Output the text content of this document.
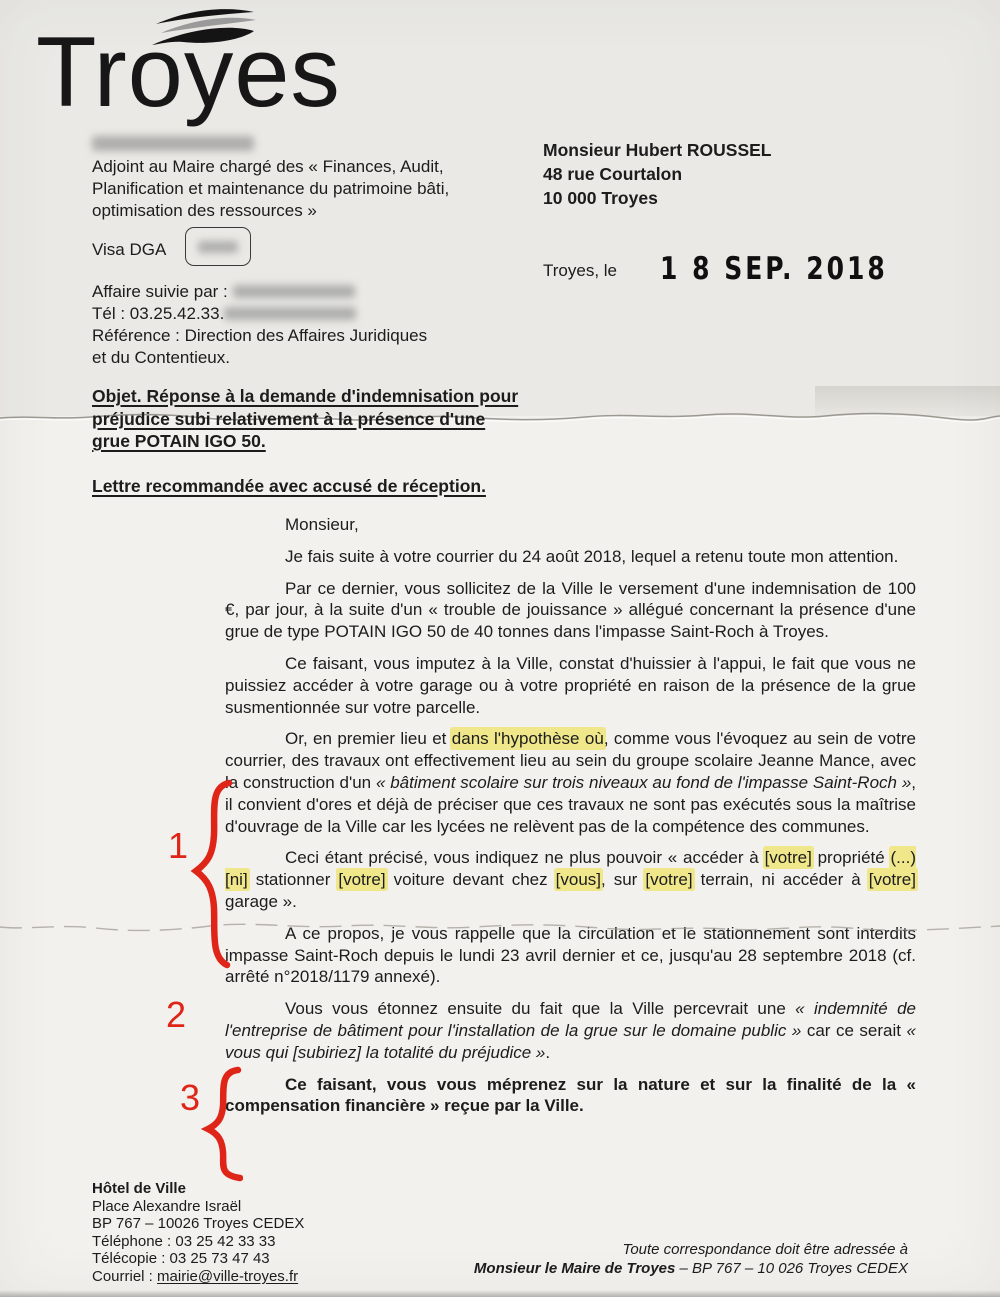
Troyes
Adjoint au Maire chargé des « Finances, Audit,
Planification et maintenance du patrimoine bâti,
optimisation des ressources »
Visa DGA
Monsieur Hubert ROUSSEL
48 rue Courtalon
10 000 Troyes
Troyes, le 1 8 SEP. 2018
Affaire suivie par :
Tél : 03.25.42.33.
Référence : Direction des Affaires Juridiques
et du Contentieux.
Objet. Réponse à la demande d'indemnisation pour
préjudice subi relativement à la présence d'une
grue POTAIN IGO 50.
Lettre recommandée avec accusé de réception.

Monsieur,

Je fais suite à votre courrier du 24 août 2018, lequel a retenu toute mon attention.

Par ce dernier, vous sollicitez de la Ville le versement d'une indemnisation de 100 €, par jour, à la suite d'un « trouble de jouissance » allégué concernant la présence d'une grue de type POTAIN IGO 50 de 40 tonnes dans l'impasse Saint-Roch à Troyes.

Ce faisant, vous imputez à la Ville, constat d'huissier à l'appui, le fait que vous ne puissiez accéder à votre garage ou à votre propriété en raison de la présence de la grue susmentionnée sur votre parcelle.

Or, en premier lieu et dans l'hypothèse où, comme vous l'évoquez au sein de votre courrier, des travaux ont effectivement lieu au sein du groupe scolaire Jeanne Mance, avec la construction d'un « bâtiment scolaire sur trois niveaux au fond de l'impasse Saint-Roch », il convient d'ores et déjà de préciser que ces travaux ne sont pas exécutés sous la maîtrise d'ouvrage de la Ville car les lycées ne relèvent pas de la compétence des communes.

Ceci étant précisé, vous indiquez ne plus pouvoir « accéder à [votre] propriété (...) [ni] stationner [votre] voiture devant chez [vous], sur [votre] terrain, ni accéder à [votre] garage ».

A ce propos, je vous rappelle que la circulation et le stationnement sont interdits impasse Saint-Roch depuis le lundi 23 avril dernier et ce, jusqu'au 28 septembre 2018 (cf. arrêté n°2018/1179 annexé).

Vous vous étonnez ensuite du fait que la Ville percevrait une « indemnité de l'entreprise de bâtiment pour l'installation de la grue sur le domaine public » car ce serait « vous qui [subiriez] la totalité du préjudice ».

Ce faisant, vous vous méprenez sur la nature et sur la finalité de la « compensation financière » reçue par la Ville.

1
2
3
Hôtel de Ville
Place Alexandre Israël
BP 767 – 10026 Troyes CEDEX
Téléphone : 03 25 42 33 33
Télécopie : 03 25 73 47 43
Courriel : mairie@ville-troyes.fr
Toute correspondance doit être adressée à
Monsieur le Maire de Troyes – BP 767 – 10 026 Troyes CEDEX
